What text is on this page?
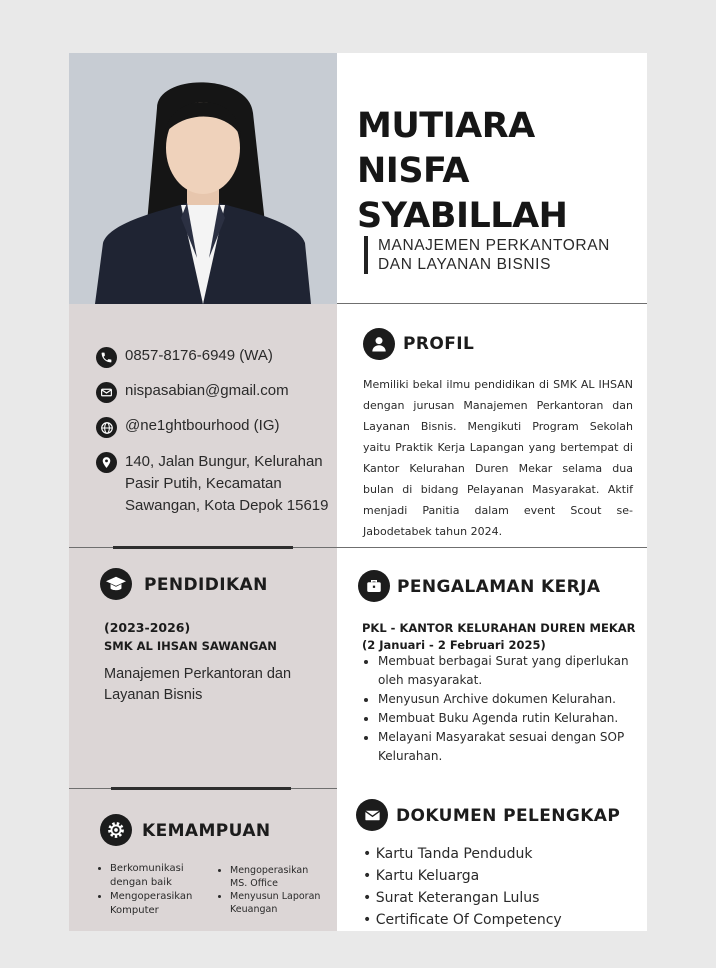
MUTIARA
NISFA
SYABILLAH
MANAJEMEN PERKANTORAN
DAN LAYANAN BISNIS
0857-8176-6949 (WA)
nispasabian@gmail.com
@ne1ghtbourhood (IG)
140, Jalan Bungur, Kelurahan
Pasir Putih, Kecamatan
Sawangan, Kota Depok 15619
PROFIL
Memiliki bekal ilmu pendidikan di SMK AL IHSAN dengan jurusan Manajemen Perkantoran dan Layanan Bisnis. Mengikuti Program Sekolah yaitu Praktik Kerja Lapangan yang bertempat di Kantor Kelurahan Duren Mekar selama dua bulan di bidang Pelayanan Masyarakat. Aktif menjadi Panitia dalam event Scout se-Jabodetabek tahun 2024.
PENDIDIKAN
(2023-2026)
SMK AL IHSAN SAWANGAN
Manajemen Perkantoran dan
Layanan Bisnis
PENGALAMAN KERJA
PKL - KANTOR KELURAHAN DUREN MEKAR
(2 Januari - 2 Februari 2025)
• Membuat berbagai Surat yang diperlukan oleh masyarakat.
• Menyusun Archive dokumen Kelurahan.
• Membuat Buku Agenda rutin Kelurahan.
• Melayani Masyarakat sesuai dengan SOP Kelurahan.
KEMAMPUAN
• Berkomunikasi
dengan baik
• Mengoperasikan
Komputer
• Mengoperasikan
MS. Office
• Menyusun Laporan
Keuangan
DOKUMEN PELENGKAP
• Kartu Tanda Penduduk
• Kartu Keluarga
• Surat Keterangan Lulus
• Certificate Of Competency
